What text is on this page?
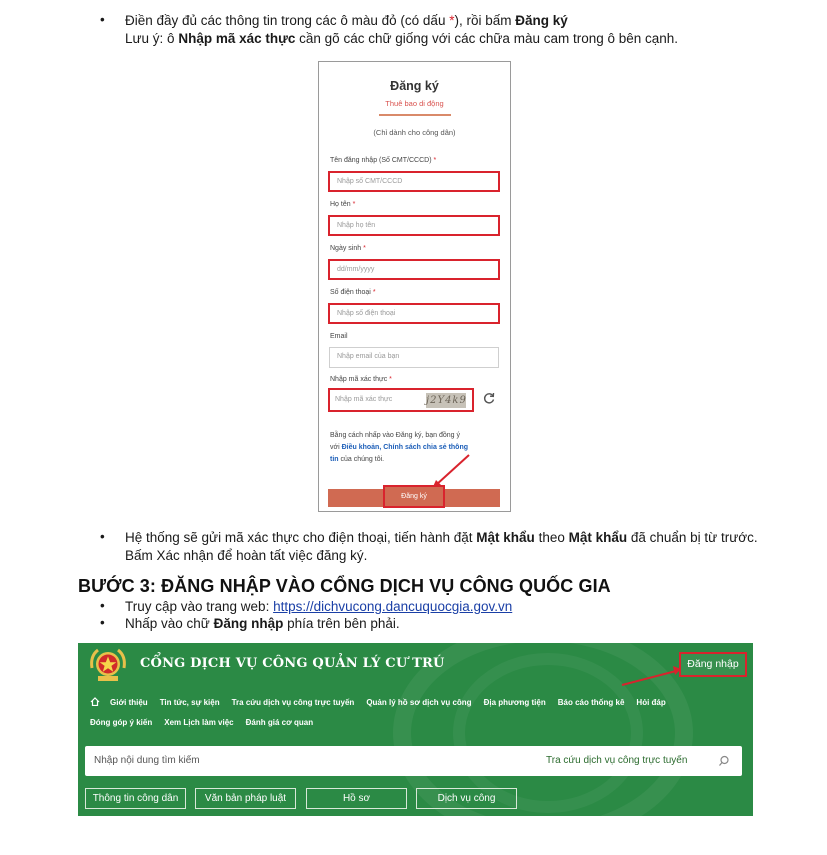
Điền đầy đủ các thông tin trong các ô màu đỏ (có dấu *), rồi bấm Đăng ký
Lưu ý: ô Nhập mã xác thực cần gõ các chữ giống với các chữa màu cam trong ô bên cạnh.
Đăng ký
Thuê bao di động
(Chỉ dành cho công dân)
Tên đăng nhập (Số CMT/CCCD) *
Nhập số CMT/CCCD
Họ tên *
Nhập họ tên
Ngày sinh *
dd/mm/yyyy
Số điện thoại *
Nhập số điện thoại
Email
Nhập email của bạn
Nhập mã xác thực *
Nhập mã xác thực	j2Y4k9
Bằng cách nhấp vào Đăng ký, bạn đồng ý
với Điều khoản, Chính sách chia sẻ thông
tin của chúng tôi.
Đăng ký
Hệ thống sẽ gửi mã xác thực cho điện thoại, tiến hành đặt Mật khẩu theo Mật khẩu đã chuẩn bị từ trước.
Bấm Xác nhận để hoàn tất việc đăng ký.
BƯỚC 3: ĐĂNG NHẬP VÀO CỔNG DỊCH VỤ CÔNG QUỐC GIA
Truy cập vào trang web: https://dichvucong.dancuquocgia.gov.vn
Nhấp vào chữ Đăng nhập phía trên bên phải.
CỔNG DỊCH VỤ CÔNG QUẢN LÝ CƯ TRÚ	Đăng nhập
Giới thiệu Tin tức, sự kiện Tra cứu dịch vụ công trực tuyến Quản lý hồ sơ dịch vụ công Địa phương tiện Báo cáo thống kê Hỏi đáp
Đóng góp ý kiến Xem Lịch làm việc Đánh giá cơ quan
Nhập nội dung tìm kiếm	Tra cứu dịch vụ công trực tuyến
Thông tin công dân	Văn bản pháp luật	Hồ sơ	Dịch vụ công
